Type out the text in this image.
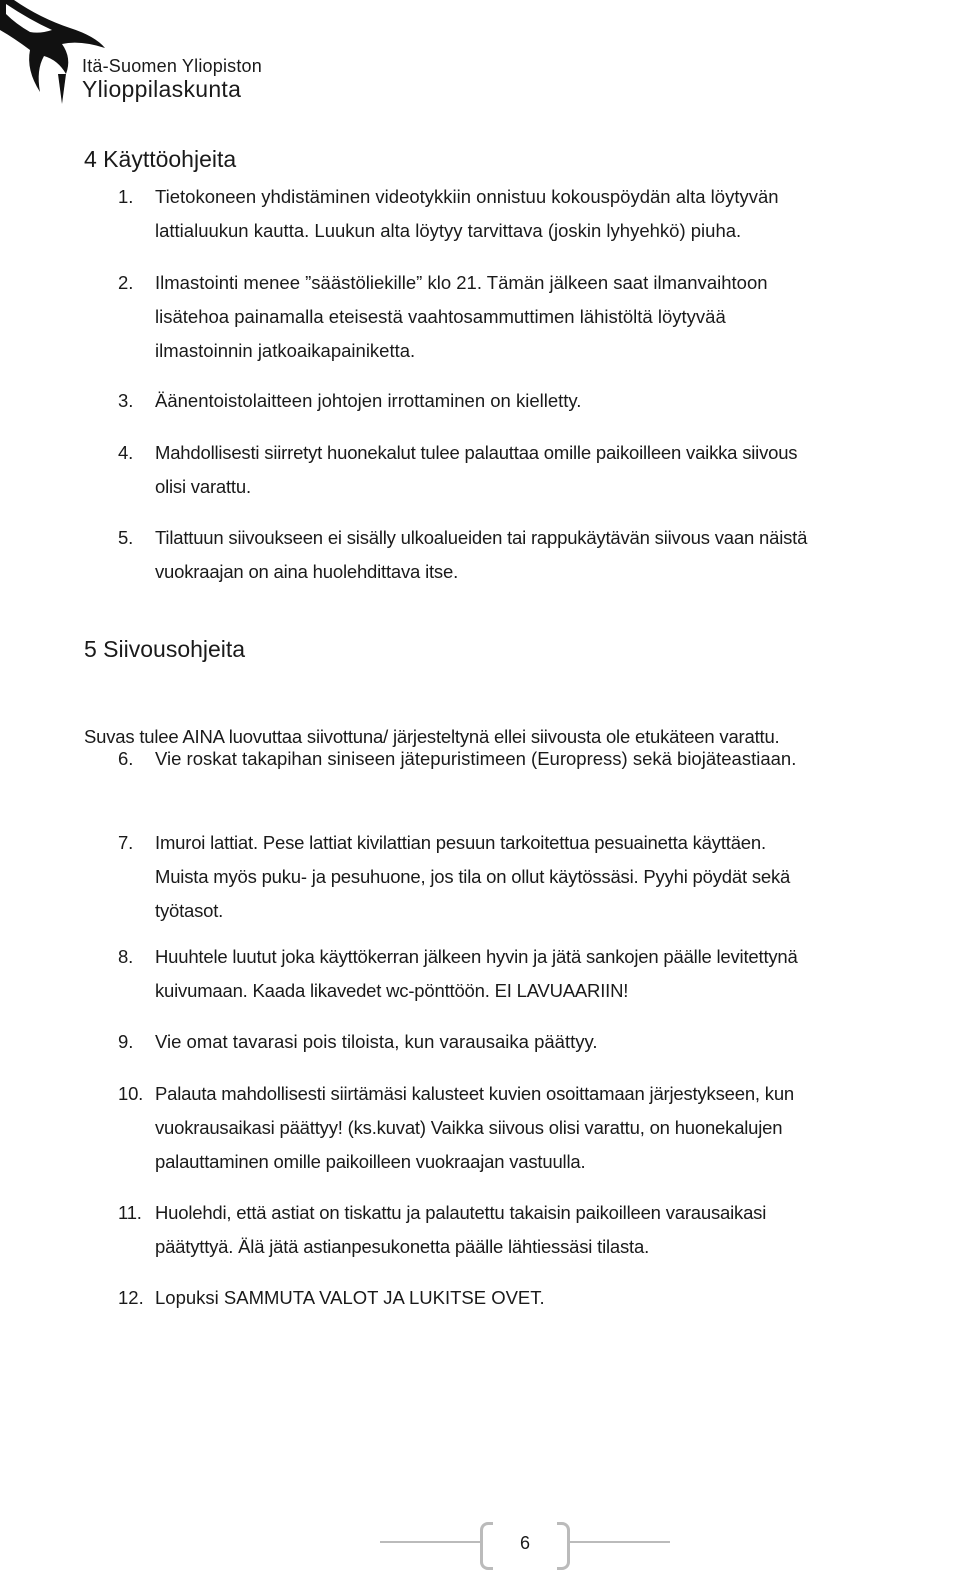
Itä-Suomen Yliopiston
Ylioppilaskunta
4 Käyttöohjeita
1.	Tietokoneen yhdistäminen videotykkiin onnistuu kokouspöydän alta löytyvän
lattialuukun kautta. Luukun alta löytyy tarvittava (joskin lyhyehkö) piuha.
2.	Ilmastointi menee ”säästöliekille” klo 21. Tämän jälkeen saat ilmanvaihtoon
lisätehoa painamalla eteisestä vaahtosammuttimen lähistöltä löytyvää
ilmastoinnin jatkoaikapainiketta.
3.	Äänentoistolaitteen johtojen irrottaminen on kielletty.
4.	Mahdollisesti siirretyt huonekalut tulee palauttaa omille paikoilleen vaikka siivous
olisi varattu.
5.	Tilattuun siivoukseen ei sisälly ulkoalueiden tai rappukäytävän siivous vaan näistä
vuokraajan on aina huolehdittava itse.
5 Siivousohjeita
Suvas tulee AINA luovuttaa siivottuna/ järjesteltynä ellei siivousta ole etukäteen varattu.
6.	Vie roskat takapihan siniseen jätepuristimeen (Europress) sekä biojäteastiaan.
7.	Imuroi lattiat. Pese lattiat kivilattian pesuun tarkoitettua pesuainetta käyttäen.
Muista myös puku- ja pesuhuone, jos tila on ollut käytössäsi. Pyyhi pöydät sekä
työtasot.
8.	Huuhtele luutut joka käyttökerran jälkeen hyvin ja jätä sankojen päälle levitettynä
kuivumaan. Kaada likavedet wc-pönttöön. EI LAVUAARIIN!
9.	Vie omat tavarasi pois tiloista, kun varausaika päättyy.
10. Palauta mahdollisesti siirtämäsi kalusteet kuvien osoittamaan järjestykseen, kun
vuokrausaikasi päättyy! (ks.kuvat) Vaikka siivous olisi varattu, on huonekalujen
palauttaminen omille paikoilleen vuokraajan vastuulla.
11. Huolehdi, että astiat on tiskattu ja palautettu takaisin paikoilleen varausaikasi
päätyttyä. Älä jätä astianpesukonetta päälle lähtiessäsi tilasta.
12. Lopuksi SAMMUTA VALOT JA LUKITSE OVET.
6
